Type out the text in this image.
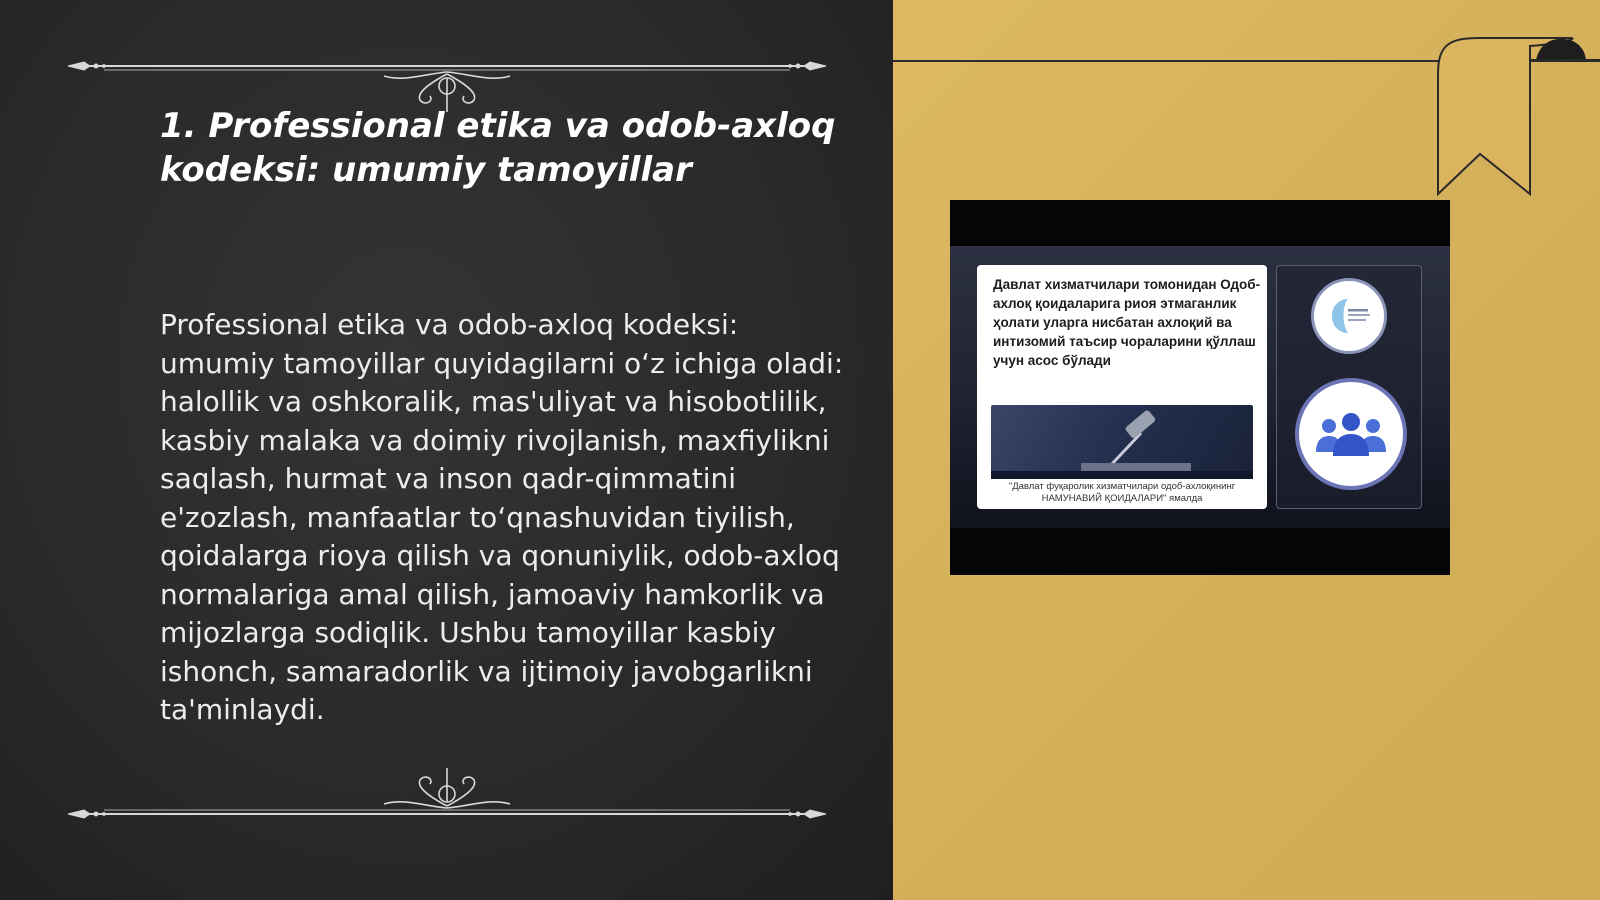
1. Professional etika va odob-axloq
kodeksi: umumiy tamoyillar

Professional etika va odob-axloq kodeksi: umumiy tamoyillar quyidagilarni o‘z ichiga oladi: halollik va oshkoralik, mas'uliyat va hisobotlilik, kasbiy malaka va doimiy rivojlanish, maxfiylikni saqlash, hurmat va inson qadr-qimmatini e'zozlash, manfaatlar to‘qnashuvidan tiyilish, qoidalarga rioya qilish va qonuniylik, odob-axloq normalariga amal qilish, jamoaviy hamkorlik va mijozlarga sodiqlik. Ushbu tamoyillar kasbiy ishonch, samaradorlik va ijtimoiy javobgarlikni ta'minlaydi.

Давлат хизматчилари томонидан Одоб-ахлоқ қоидаларига риоя этмаганлик ҳолати уларга нисбатан ахлоқий ва интизомий таъсир чораларини қўллаш учун асос бўлади
"Давлат фуқаролик хизматчилари одоб-ахлоқининг
НАМУНАВИЙ ҚОИДАЛАРИ" ямалда
